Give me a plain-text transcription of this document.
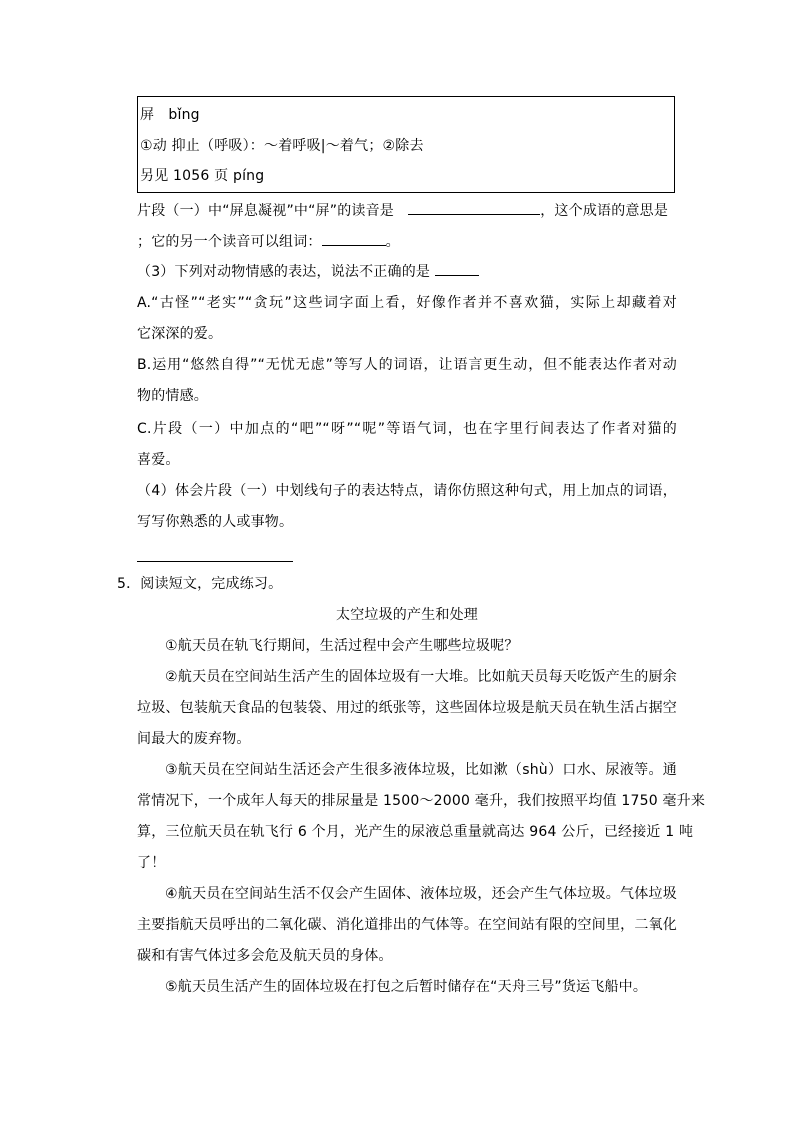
屏　bǐng
①动 抑止（呼吸）：～着呼吸|～着气；②除去
另见 1056 页 píng
片段（一）中“屏息凝视”中“屏”的读音是　	，这个成语的意思是
；它的另一个读音可以组词：	。
（3）下列对动物情感的表达，说法不正确的是
A.“古怪”“老实”“贪玩”这些词字面上看，好像作者并不喜欢猫，实际上却藏着对
它深深的爱。
B.运用“悠然自得”“无忧无虑”等写人的词语，让语言更生动，但不能表达作者对动
物的情感。
C.片段（一）中加点的“吧”“呀”“呢”等语气词，也在字里行间表达了作者对猫的
喜爱。
（4）体会片段（一）中划线句子的表达特点，请你仿照这种句式，用上加点的词语，
写写你熟悉的人或事物。
5．阅读短文，完成练习。
太空垃圾的产生和处理
①航天员在轨飞行期间，生活过程中会产生哪些垃圾呢？
②航天员在空间站生活产生的固体垃圾有一大堆。比如航天员每天吃饭产生的厨余
垃圾、包装航天食品的包装袋、用过的纸张等，这些固体垃圾是航天员在轨生活占据空
间最大的废弃物。
③航天员在空间站生活还会产生很多液体垃圾，比如漱（shù）口水、尿液等。通
常情况下，一个成年人每天的排尿量是 1500～2000 毫升，我们按照平均值 1750 毫升来
算，三位航天员在轨飞行 6 个月，光产生的尿液总重量就高达 964 公斤，已经接近 1 吨
了！
④航天员在空间站生活不仅会产生固体、液体垃圾，还会产生气体垃圾。气体垃圾
主要指航天员呼出的二氧化碳、消化道排出的气体等。在空间站有限的空间里，二氧化
碳和有害气体过多会危及航天员的身体。
⑤航天员生活产生的固体垃圾在打包之后暂时储存在“天舟三号”货运飞船中。
